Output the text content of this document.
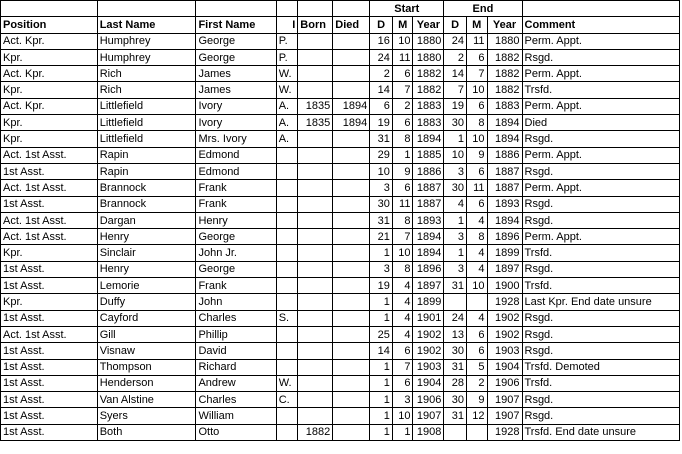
						Start			End			
Position	Last Name	First Name	I	Born	Died	D	M	Year	D	M	Year	Comment
Act. Kpr.	Humphrey	George	P.			16	10	1880	24	11	1880	Perm. Appt.
Kpr.	Humphrey	George	P.			24	11	1880	2	6	1882	Rsgd.
Act. Kpr.	Rich	James	W.			2	6	1882	14	7	1882	Perm. Appt.
Kpr.	Rich	James	W.			14	7	1882	7	10	1882	Trsfd.
Act. Kpr.	Littlefield	Ivory	A.	1835	1894	6	2	1883	19	6	1883	Perm. Appt.
Kpr.	Littlefield	Ivory	A.	1835	1894	19	6	1883	30	8	1894	Died
Kpr.	Littlefield	Mrs. Ivory	A.			31	8	1894	1	10	1894	Rsgd.
Act. 1st Asst.	Rapin	Edmond				29	1	1885	10	9	1886	Perm. Appt.
1st Asst.	Rapin	Edmond				10	9	1886	3	6	1887	Rsgd.
Act. 1st Asst.	Brannock	Frank				3	6	1887	30	11	1887	Perm. Appt.
1st Asst.	Brannock	Frank				30	11	1887	4	6	1893	Rsgd.
Act. 1st Asst.	Dargan	Henry				31	8	1893	1	4	1894	Rsgd.
Act. 1st Asst.	Henry	George				21	7	1894	3	8	1896	Perm. Appt.
Kpr.	Sinclair	John Jr.				1	10	1894	1	4	1899	Trsfd.
1st Asst.	Henry	George				3	8	1896	3	4	1897	Rsgd.
1st Asst.	Lemorie	Frank				19	4	1897	31	10	1900	Trsfd.
Kpr.	Duffy	John				1	4	1899			1928	Last Kpr. End date unsure
1st Asst.	Cayford	Charles	S.			1	4	1901	24	4	1902	Rsgd.
Act. 1st Asst.	Gill	Phillip				25	4	1902	13	6	1902	Rsgd.
1st Asst.	Visnaw	David				14	6	1902	30	6	1903	Rsgd.
1st Asst.	Thompson	Richard				1	7	1903	31	5	1904	Trsfd. Demoted
1st Asst.	Henderson	Andrew	W.			1	6	1904	28	2	1906	Trsfd.
1st Asst.	Van Alstine	Charles	C.			1	3	1906	30	9	1907	Rsgd.
1st Asst.	Syers	William				1	10	1907	31	12	1907	Rsgd.
1st Asst.	Both	Otto		1882		1	1	1908			1928	Trsfd. End date unsure
